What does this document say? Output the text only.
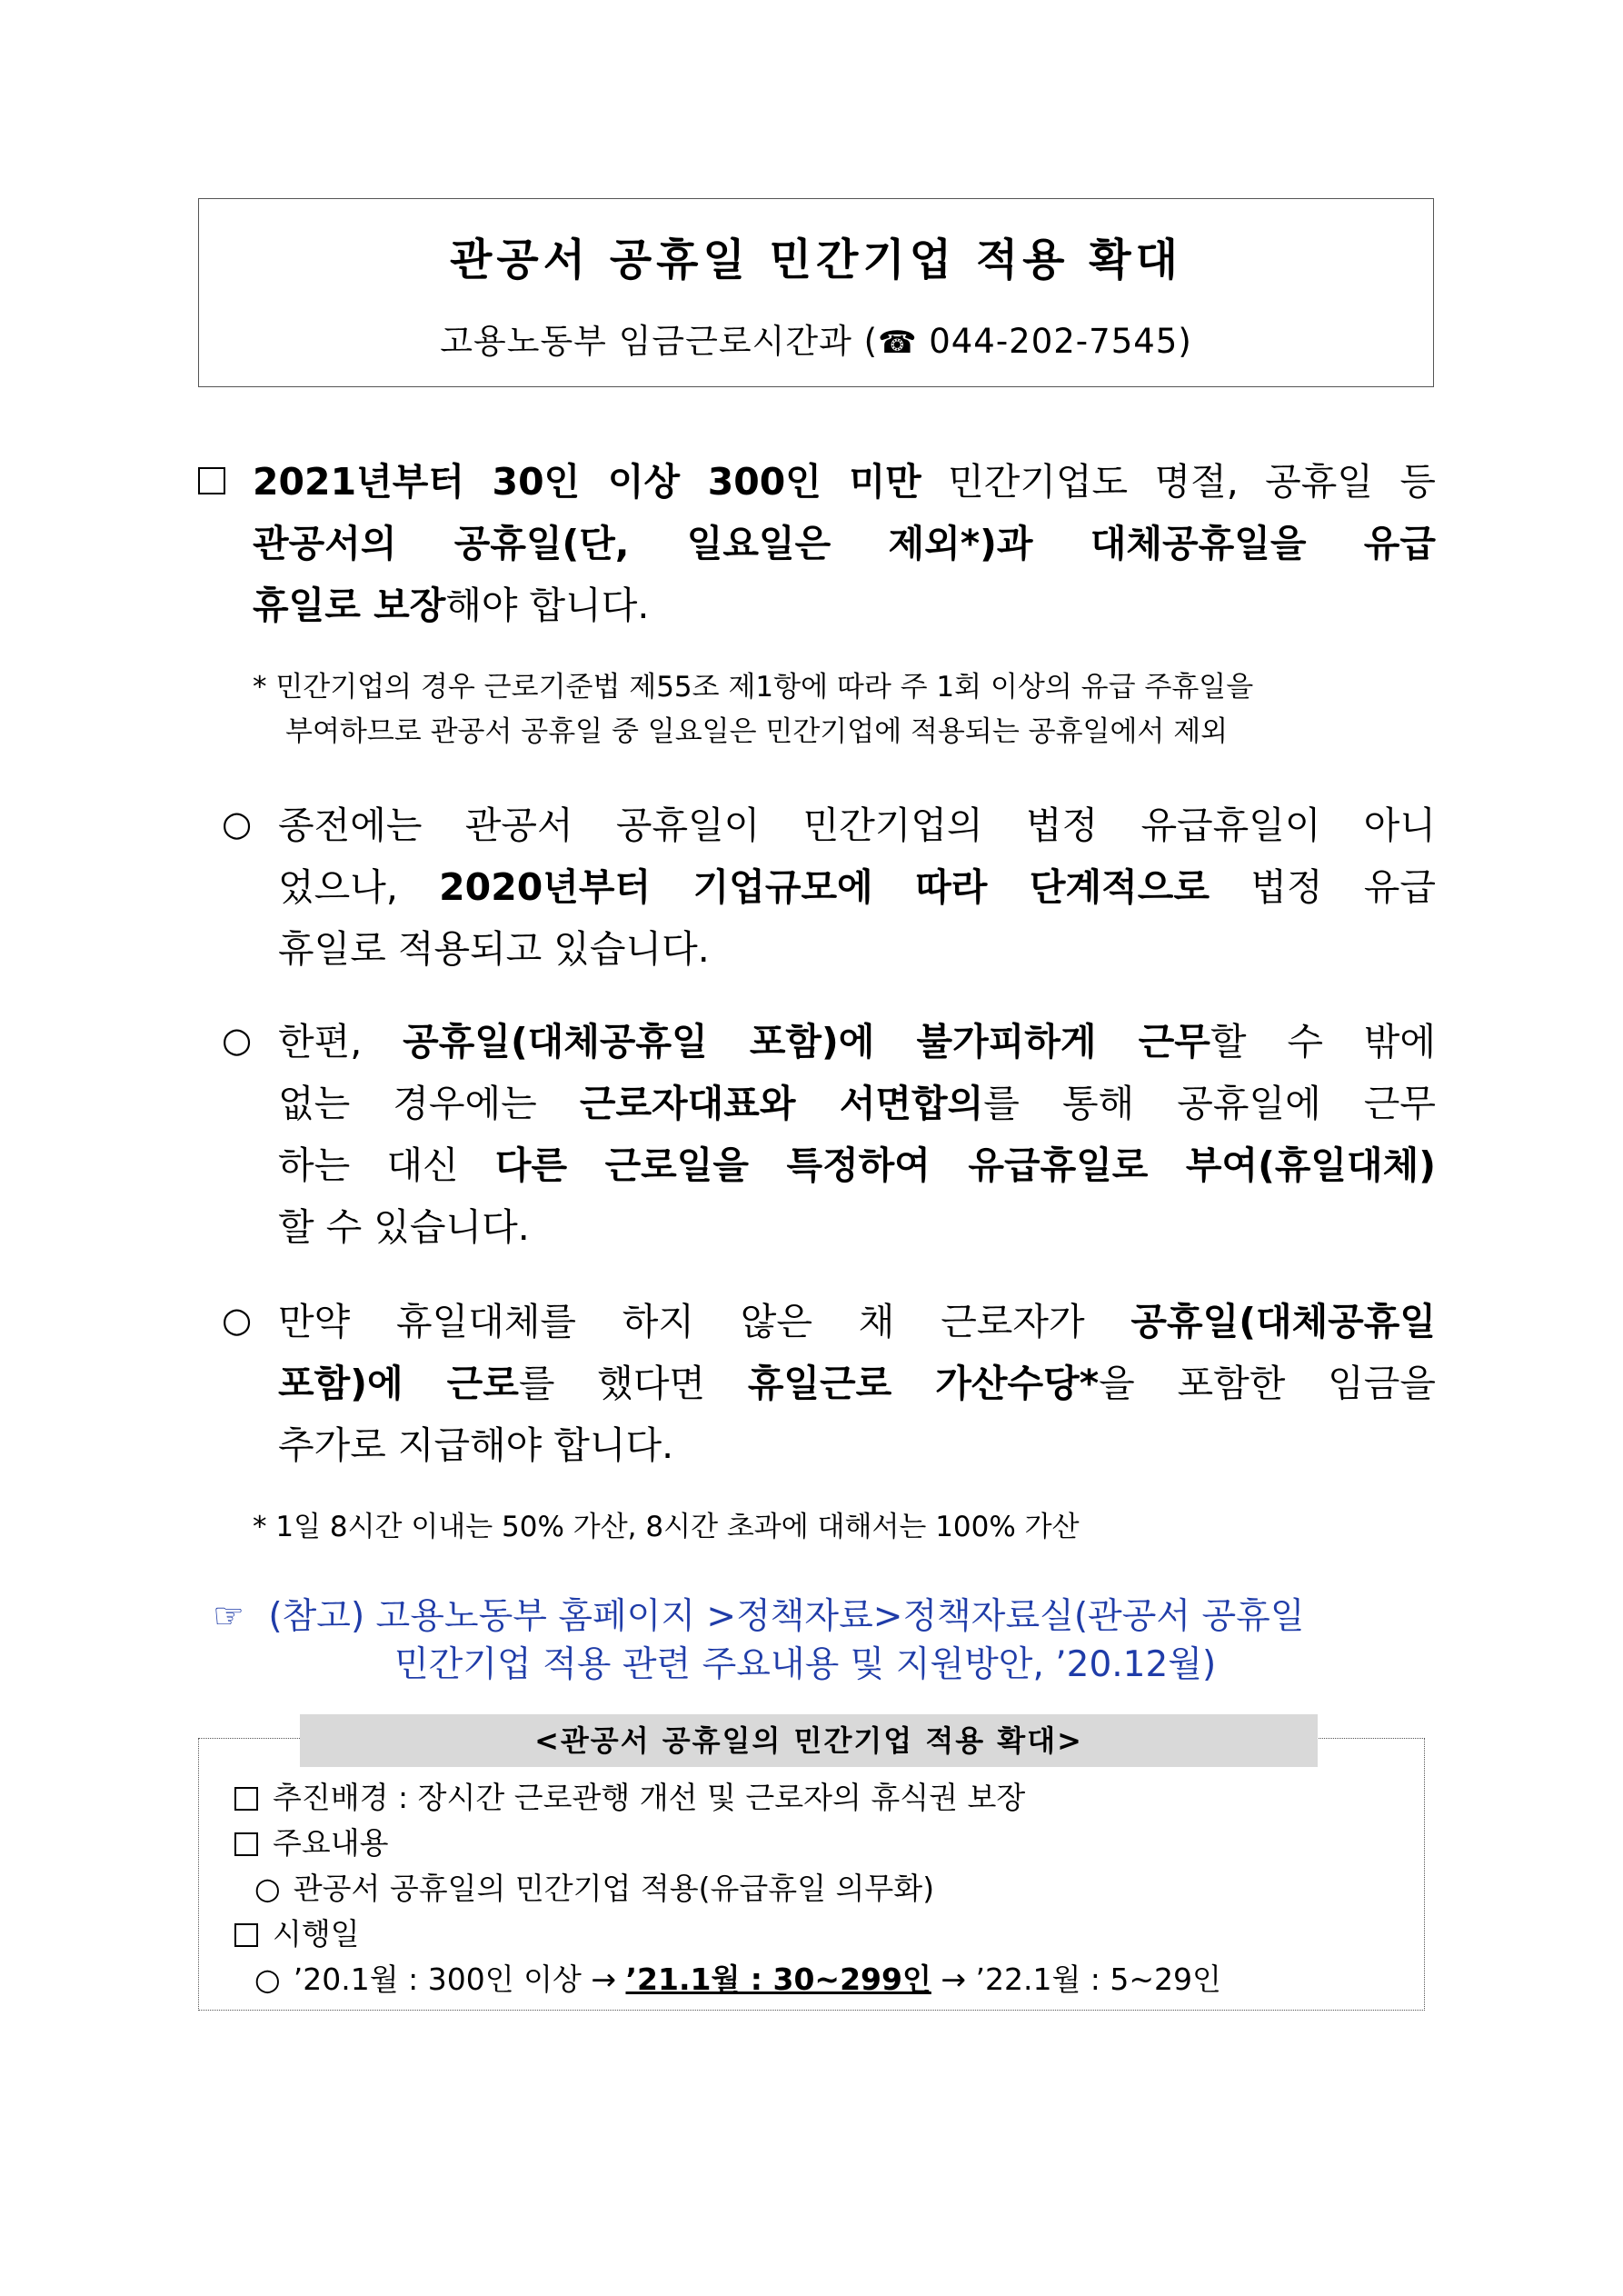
관공서 공휴일 민간기업 적용 확대
고용노동부 임금근로시간과 (☎ 044-202-7545)
2021년부터 30인 이상 300인 미만 민간기업도 명절, 공휴일 등
관공서의 공휴일(단, 일요일은 제외*)과 대체공휴일을 유급
휴일로 보장해야 합니다.
* 민간기업의 경우 근로기준법 제55조 제1항에 따라 주 1회 이상의 유급 주휴일을
부여하므로 관공서 공휴일 중 일요일은 민간기업에 적용되는 공휴일에서 제외
○ 종전에는 관공서 공휴일이 민간기업의 법정 유급휴일이 아니
었으나, 2020년부터 기업규모에 따라 단계적으로 법정 유급
휴일로 적용되고 있습니다.
○ 한편, 공휴일(대체공휴일 포함)에 불가피하게 근무할 수 밖에
없는 경우에는 근로자대표와 서면합의를 통해 공휴일에 근무
하는 대신 다른 근로일을 특정하여 유급휴일로 부여(휴일대체)
할 수 있습니다.
○ 만약 휴일대체를 하지 않은 채 근로자가 공휴일(대체공휴일
포함)에 근로를 했다면 휴일근로 가산수당*을 포함한 임금을
추가로 지급해야 합니다.
* 1일 8시간 이내는 50% 가산, 8시간 초과에 대해서는 100% 가산
☞ (참고) 고용노동부 홈페이지 >정책자료>정책자료실(관공서 공휴일
민간기업 적용 관련 주요내용 및 지원방안, ’20.12월)
<관공서 공휴일의 민간기업 적용 확대>
추진배경 : 장시간 근로관행 개선 및 근로자의 휴식권 보장
주요내용
○ 관공서 공휴일의 민간기업 적용(유급휴일 의무화)
시행일
○ ’20.1월 : 300인 이상 → ’21.1월 : 30~299인 → ’22.1월 : 5~29인
